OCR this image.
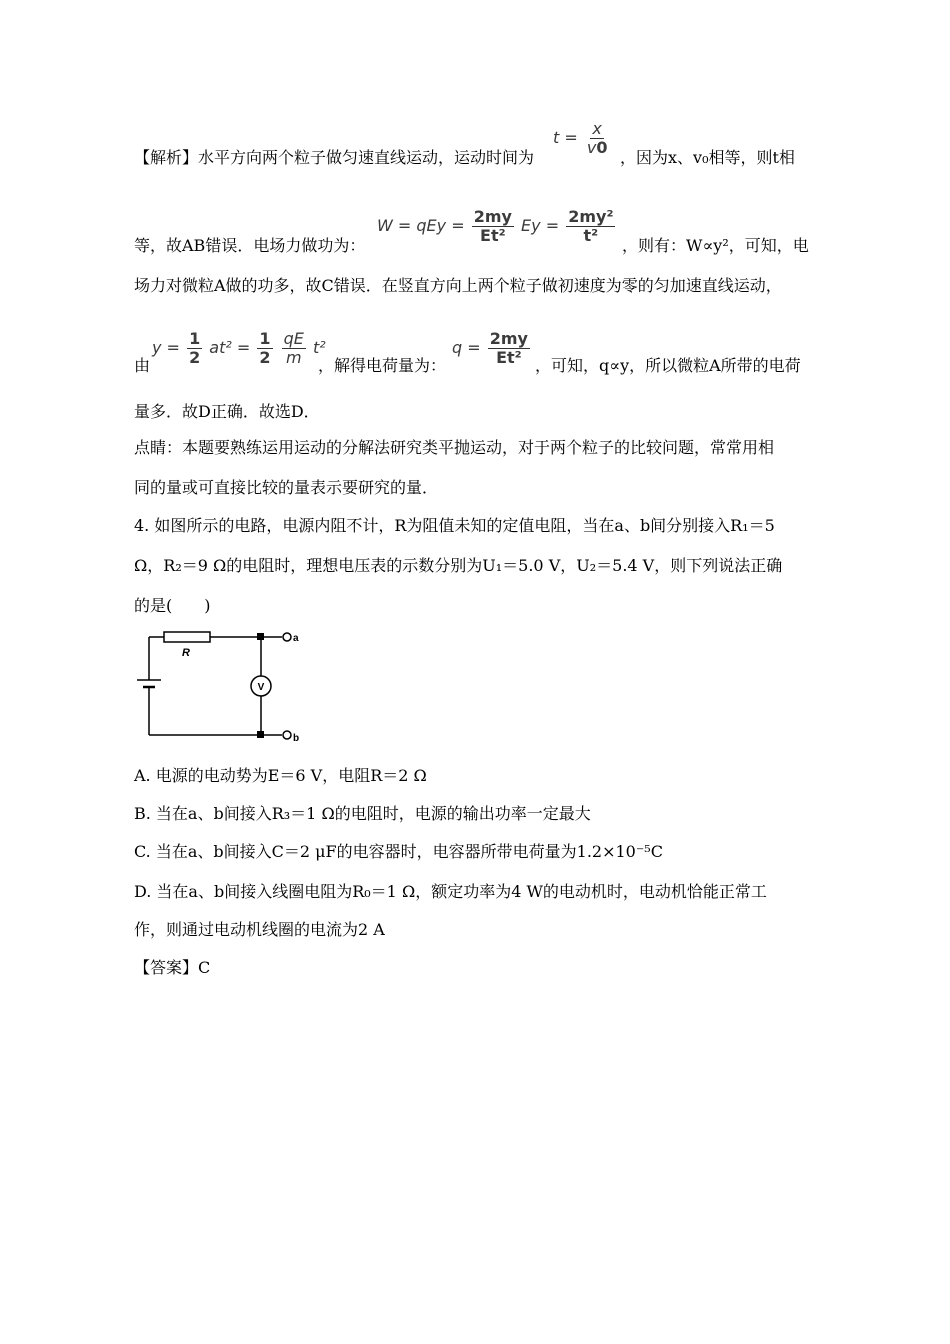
【解析】水平方向两个粒子做匀速直线运动，运动时间为
$t = \frac{x}{v0}$
，因为x、v₀相等，则t相
等，故AB错误．电场力做功为：
W = qEy = $\frac{2my}{\text{Et²}}$ $Ey = \frac{\text{2my²}}{\text{t²}}$
，则有：W∝y²，可知，电
场力对微粒A做的功多，故C错误．在竖直方向上两个粒子做初速度为零的匀加速直线运动，
由
$y = \frac{1}{2} at^2 = \frac{1}{2}$
$\frac{qE}{m} t^2$
，解得电荷量为：
$q = \frac{2my}{\text{Et²}}$ ，可知，q∝y，所以微粒A所带的电荷
量多．故D正确．故选D．
点睛：本题要熟练运用运动的分解法研究类平抛运动，对于两个粒子的比较问题，常常用相
同的量或可直接比较的量表示要研究的量．
4. 如图所示的电路，电源内阻不计，R为阻值未知的定值电阻，当在a、b间分别接入R₁＝5
Ω，R₂＝9 Ω的电阻时，理想电压表的示数分别为U₁＝5.0 V，U₂＝5.4 V，则下列说法正确
的是(　　)
R
V
a
b
A. 电源的电动势为E＝6 V，电阻R＝2 Ω
B. 当在a、b间接入R₃＝1 Ω的电阻时，电源的输出功率一定最大
C. 当在a、b间接入C＝2 μF的电容器时，电容器所带电荷量为1.2×10⁻⁵C
D. 当在a、b间接入线圈电阻为R₀＝1 Ω，额定功率为4 W的电动机时，电动机恰能正常工
作，则通过电动机线圈的电流为2 A
【答案】C
